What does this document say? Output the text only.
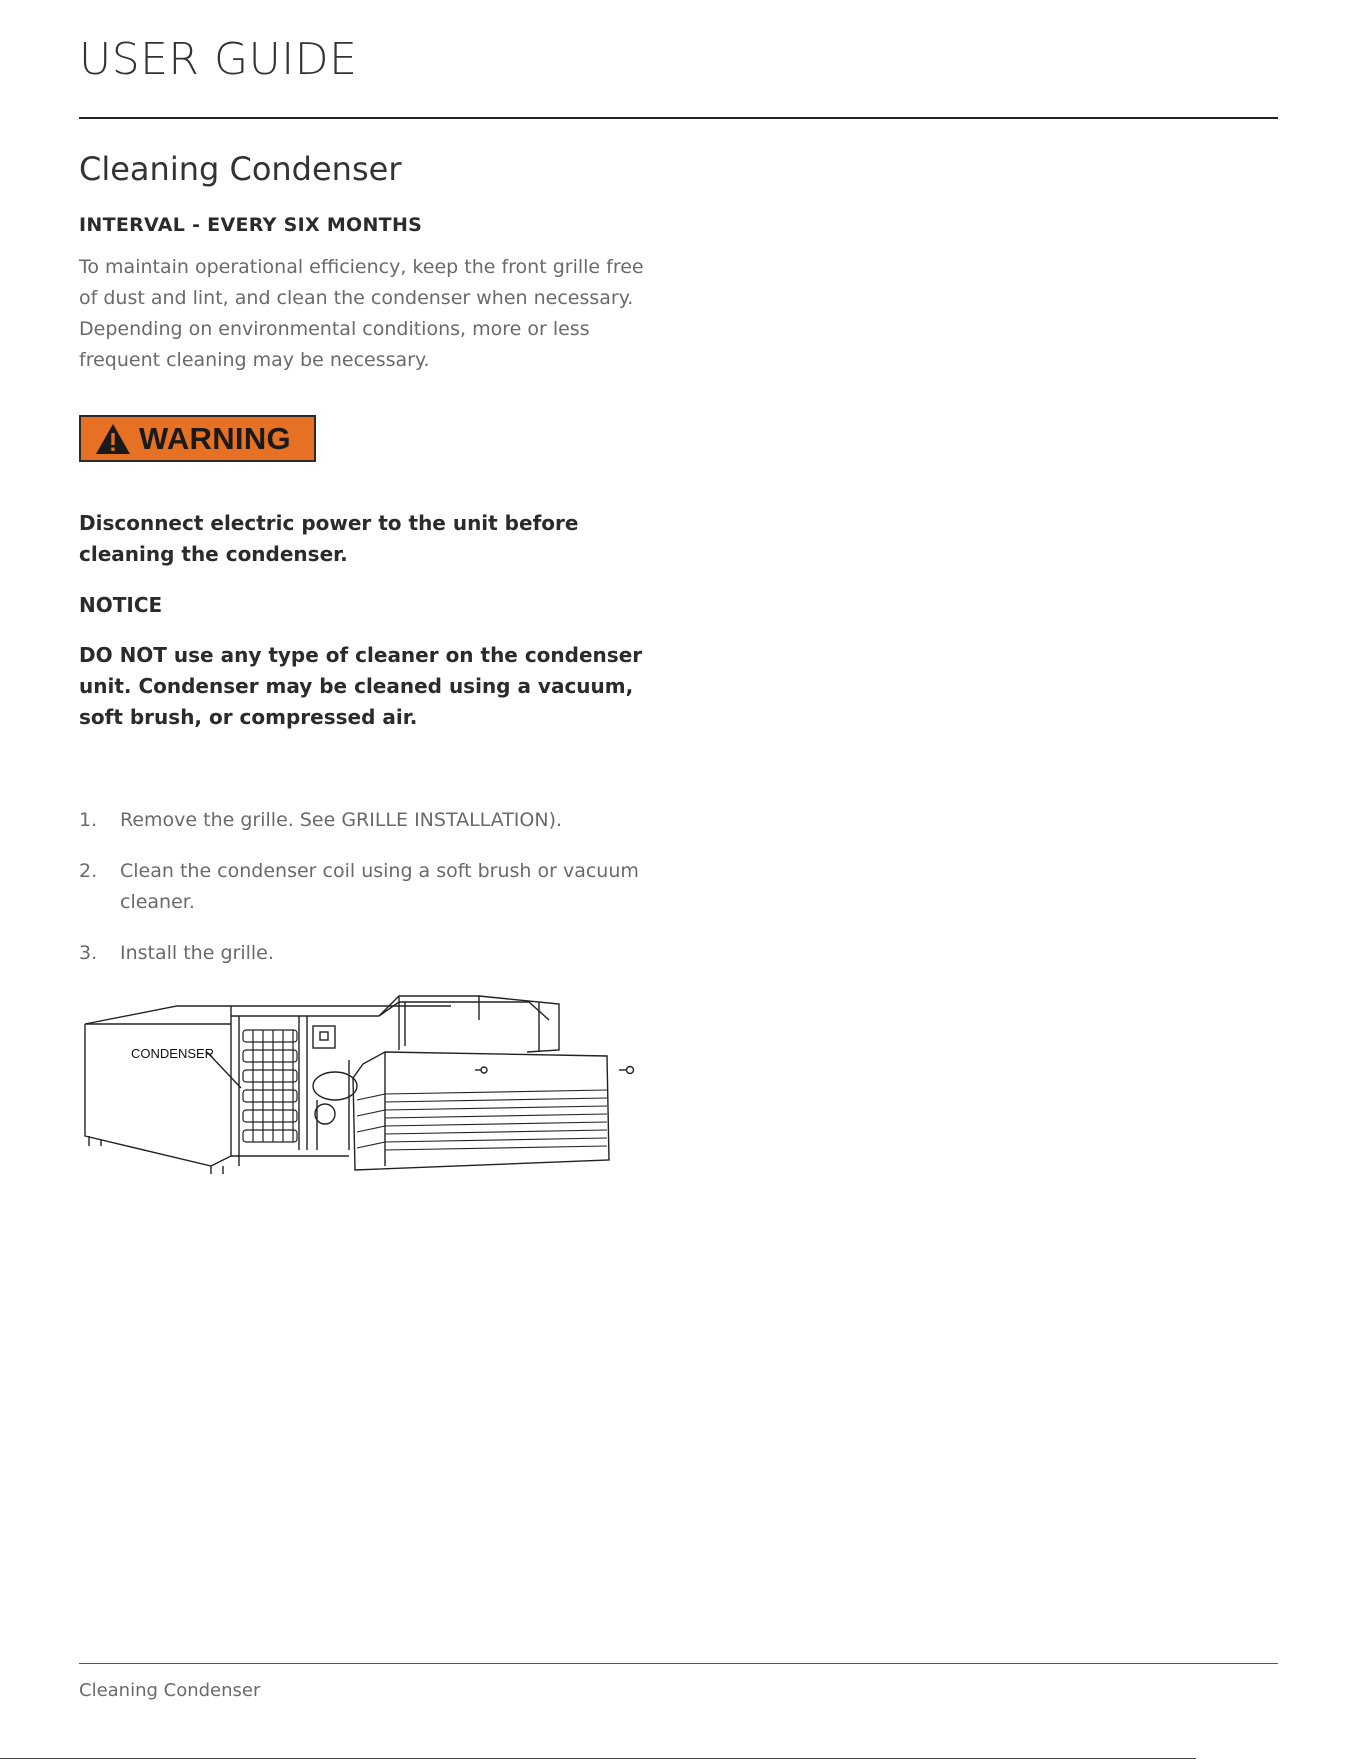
USER GUIDE
Cleaning Condenser

INTERVAL - EVERY SIX MONTHS

To maintain operational efficiency, keep the front grille free of dust and lint, and clean the condenser when necessary. Depending on environmental conditions, more or less frequent cleaning may be necessary.

WARNING

Disconnect electric power to the unit before cleaning the condenser.

NOTICE

DO NOT use any type of cleaner on the condenser unit. Condenser may be cleaned using a vacuum, soft brush, or compressed air.

1. Remove the grille. See GRILLE INSTALLATION).
2. Clean the condenser coil using a soft brush or vacuum cleaner.
3. Install the grille.
CONDENSER

Cleaning Condenser
